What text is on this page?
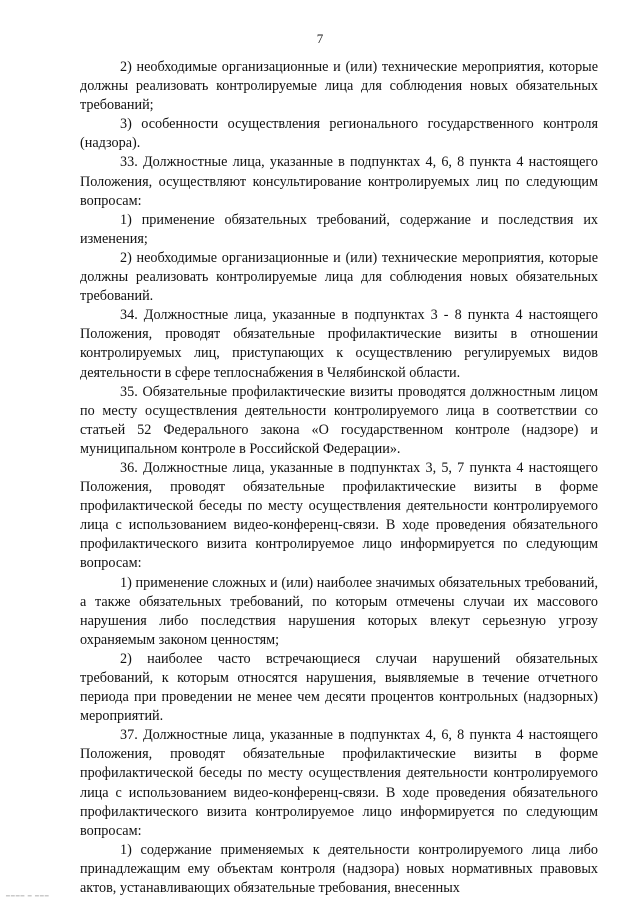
7

2) необходимые организационные и (или) технические мероприятия, которые должны реализовать контролируемые лица для соблюдения новых обязательных требований;

3) особенности осуществления регионального государственного контроля (надзора).

33. Должностные лица, указанные в подпунктах 4, 6, 8 пункта 4 настоящего Положения, осуществляют консультирование контролируемых лиц по следующим вопросам:

1) применение обязательных требований, содержание и последствия их изменения;

2) необходимые организационные и (или) технические мероприятия, которые должны реализовать контролируемые лица для соблюдения новых обязательных требований.

34. Должностные лица, указанные в подпунктах 3 - 8 пункта 4 настоящего Положения, проводят обязательные профилактические визиты в отношении контролируемых лиц, приступающих к осуществлению регулируемых видов деятельности в сфере теплоснабжения в Челябинской области.

35. Обязательные профилактические визиты проводятся должностным лицом по месту осуществления деятельности контролируемого лица в соответствии со статьей 52 Федерального закона «О государственном контроле (надзоре) и муниципальном контроле в Российской Федерации».

36. Должностные лица, указанные в подпунктах 3, 5, 7 пункта 4 настоящего Положения, проводят обязательные профилактические визиты в форме профилактической беседы по месту осуществления деятельности контролируемого лица с использованием видео-конференц-связи. В ходе проведения обязательного профилактического визита контролируемое лицо информируется по следующим вопросам:

1) применение сложных и (или) наиболее значимых обязательных требований, а также обязательных требований, по которым отмечены случаи их массового нарушения либо последствия нарушения которых влекут серьезную угрозу охраняемым законом ценностям;

2) наиболее часто встречающиеся случаи нарушений обязательных требований, к которым относятся нарушения, выявляемые в течение отчетного периода при проведении не менее чем десяти процентов контрольных (надзорных) мероприятий.

37. Должностные лица, указанные в подпунктах 4, 6, 8 пункта 4 настоящего Положения, проводят обязательные профилактические визиты в форме профилактической беседы по месту осуществления деятельности контролируемого лица с использованием видео-конференц-связи. В ходе проведения обязательного профилактического визита контролируемое лицо информируется по следующим вопросам:

1) содержание применяемых к деятельности контролируемого лица либо принадлежащим ему объектам контроля (надзора) новых нормативных правовых актов, устанавливающих обязательные требования, внесенных

▁▁▁▁ ▁ ▁▁▁
